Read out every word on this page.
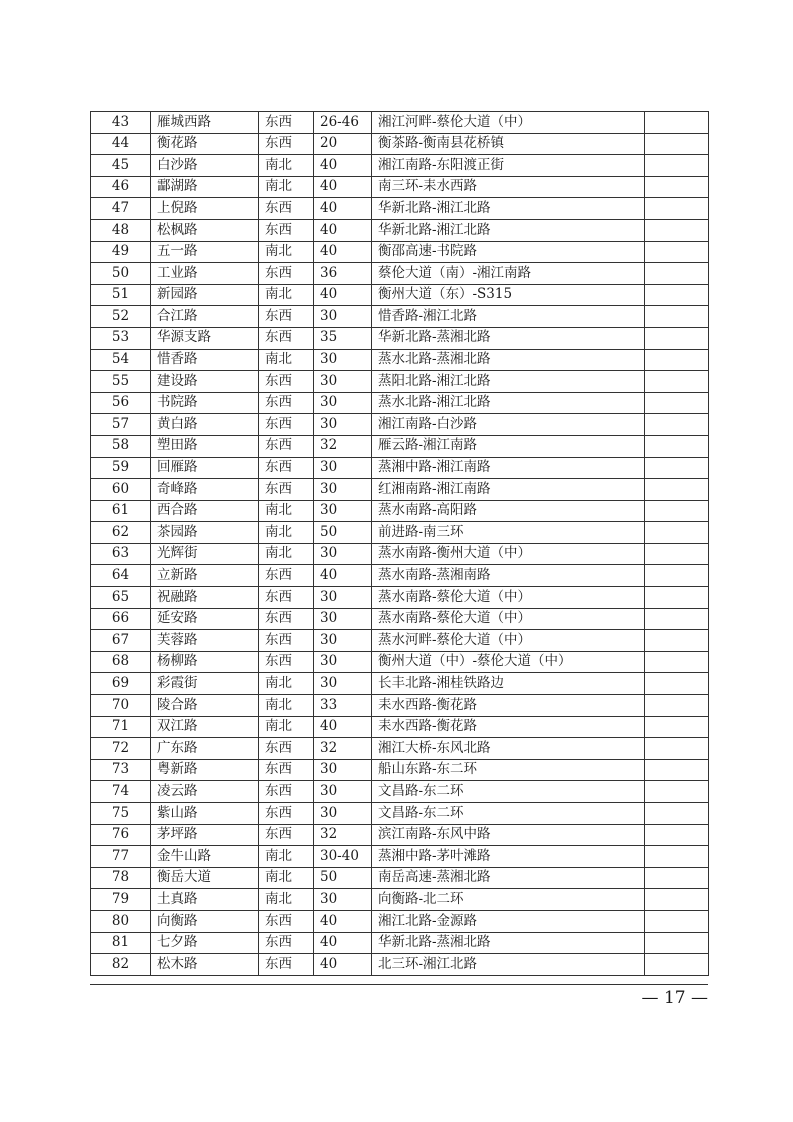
43	雁城西路	东西	26-46	湘江河畔-蔡伦大道（中）	
44	衡花路	东西	20	衡茶路-衡南县花桥镇	
45	白沙路	南北	40	湘江南路-东阳渡正街	
46	酃湖路	南北	40	南三环-耒水西路	
47	上倪路	东西	40	华新北路-湘江北路	
48	松枫路	东西	40	华新北路-湘江北路	
49	五一路	南北	40	衡邵高速-书院路	
50	工业路	东西	36	蔡伦大道（南）-湘江南路	
51	新园路	南北	40	衡州大道（东）-S315	
52	合江路	东西	30	惜香路-湘江北路	
53	华源支路	东西	35	华新北路-蒸湘北路	
54	惜香路	南北	30	蒸水北路-蒸湘北路	
55	建设路	东西	30	蒸阳北路-湘江北路	
56	书院路	东西	30	蒸水北路-湘江北路	
57	黄白路	东西	30	湘江南路-白沙路	
58	塑田路	东西	32	雁云路-湘江南路	
59	回雁路	东西	30	蒸湘中路-湘江南路	
60	奇峰路	东西	30	红湘南路-湘江南路	
61	西合路	南北	30	蒸水南路-高阳路	
62	茶园路	南北	50	前进路-南三环	
63	光辉街	南北	30	蒸水南路-衡州大道（中）	
64	立新路	东西	40	蒸水南路-蒸湘南路	
65	祝融路	东西	30	蒸水南路-蔡伦大道（中）	
66	延安路	东西	30	蒸水南路-蔡伦大道（中）	
67	芙蓉路	东西	30	蒸水河畔-蔡伦大道（中）	
68	杨柳路	东西	30	衡州大道（中）-蔡伦大道（中）	
69	彩霞街	南北	30	长丰北路-湘桂铁路边	
70	陵合路	南北	33	耒水西路-衡花路	
71	双江路	南北	40	耒水西路-衡花路	
72	广东路	东西	32	湘江大桥-东风北路	
73	粤新路	东西	30	船山东路-东二环	
74	凌云路	东西	30	文昌路-东二环	
75	紫山路	东西	30	文昌路-东二环	
76	茅坪路	东西	32	滨江南路-东风中路	
77	金牛山路	南北	30-40	蒸湘中路-茅叶滩路	
78	衡岳大道	南北	50	南岳高速-蒸湘北路	
79	土真路	南北	30	向衡路-北二环	
80	向衡路	东西	40	湘江北路-金源路	
81	七夕路	东西	40	华新北路-蒸湘北路	
82	松木路	东西	40	北三环-湘江北路	
— 17 —
